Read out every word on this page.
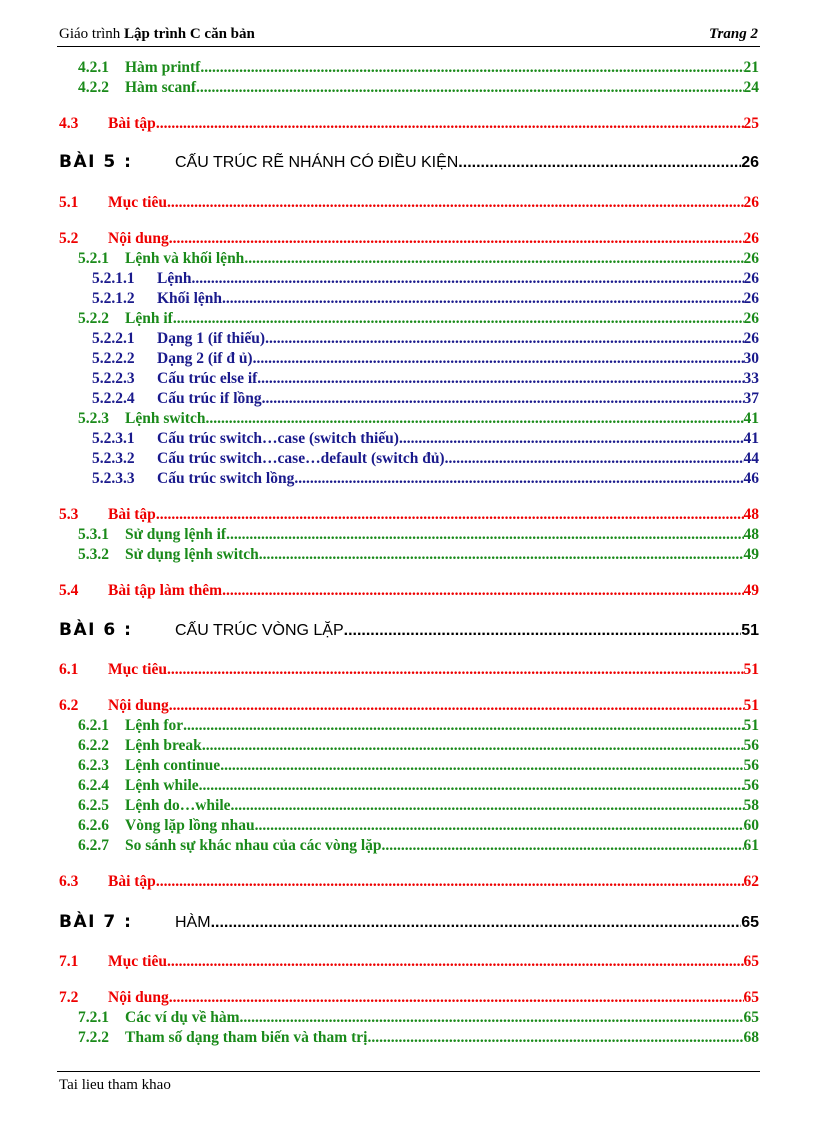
Giáo trình Lập trình C căn bản	Trang 2
4.2.1	Hàm printf .....	21
4.2.2	Hàm scanf .....	24
4.3	Bài tập .....	25
BÀI 5 :	CẤU TRÚC RẼ NHÁNH CÓ ĐIỀU KIỆN .....	26
5.1	Mục tiêu .....	26
5.2	Nội dung .....	26
5.2.1	Lệnh và khối lệnh .....	26
5.2.1.1	Lệnh .....	26
5.2.1.2	Khối lệnh .....	26
5.2.2	Lệnh if .....	26
5.2.2.1	Dạng 1 (if thiếu) .....	26
5.2.2.2	Dạng 2 (if đ ủ) .....	30
5.2.2.3	Cấu trúc else if .....	33
5.2.2.4	Cấu trúc if lồng .....	37
5.2.3	Lệnh switch .....	41
5.2.3.1	Cấu trúc switch…case (switch thiếu) .....	41
5.2.3.2	Cấu trúc switch…case…default (switch đủ) .....	44
5.2.3.3	Cấu trúc switch lồng .....	46
5.3	Bài tập .....	48
5.3.1	Sử dụng lệnh if .....	48
5.3.2	Sử dụng lệnh switch .....	49
5.4	Bài tập làm thêm .....	49
BÀI 6 :	CẤU TRÚC VÒNG LẶP .....	51
6.1	Mục tiêu .....	51
6.2	Nội dung .....	51
6.2.1	Lệnh for .....	51
6.2.2	Lệnh break .....	56
6.2.3	Lệnh continue .....	56
6.2.4	Lệnh while .....	56
6.2.5	Lệnh do…while .....	58
6.2.6	Vòng lặp lồng nhau .....	60
6.2.7	So sánh sự khác nhau của các vòng lặp .....	61
6.3	Bài tập .....	62
BÀI 7 :	HÀM .....	65
7.1	Mục tiêu .....	65
7.2	Nội dung .....	65
7.2.1	Các ví dụ về hàm .....	65
7.2.2	Tham số dạng tham biến và tham trị .....	68
Tai lieu tham khao
